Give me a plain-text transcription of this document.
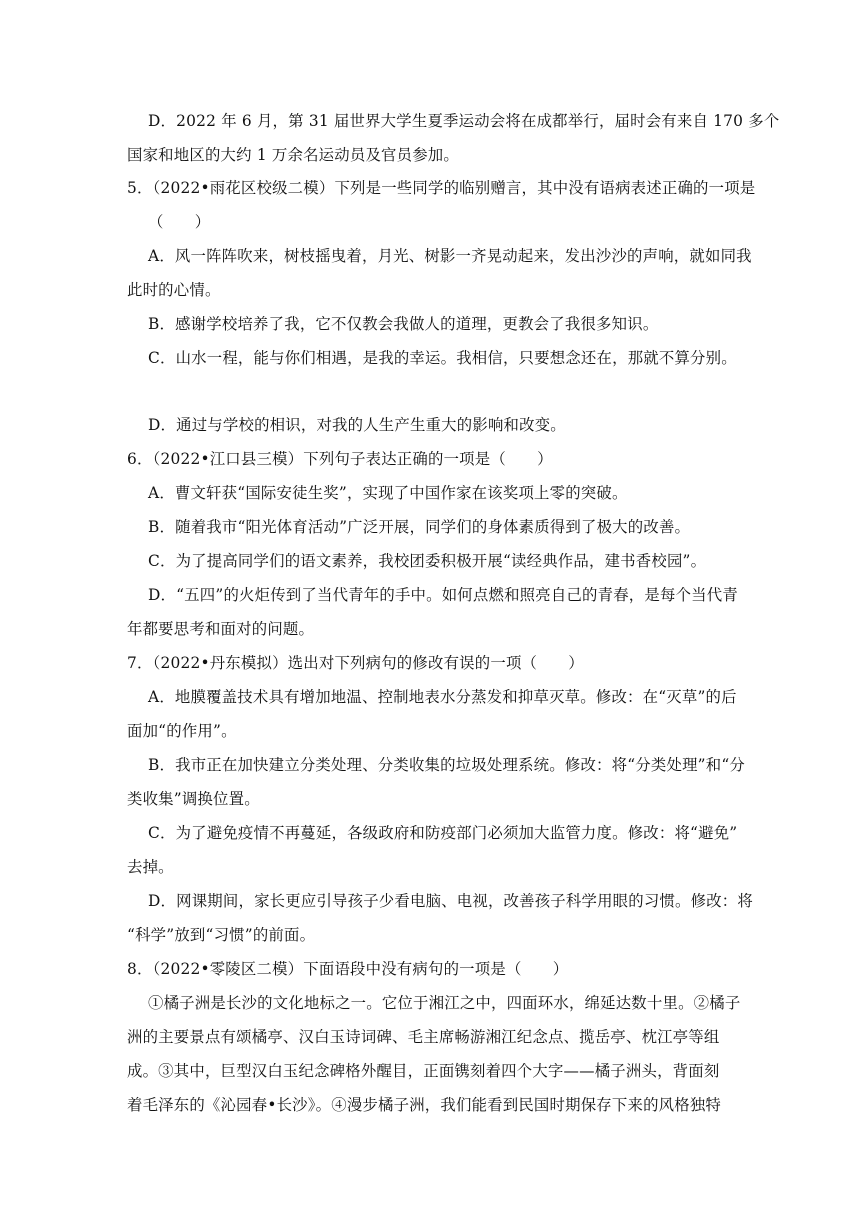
D．2022 年 6 月，第 31 届世界大学生夏季运动会将在成都举行，届时会有来自 170 多个
国家和地区的大约 1 万余名运动员及官员参加。
5．（2022•雨花区校级二模）下列是一些同学的临别赠言，其中没有语病表述正确的一项是
（　　）
A．风一阵阵吹来，树枝摇曳着，月光、树影一齐晃动起来，发出沙沙的声响，就如同我
此时的心情。
B．感谢学校培养了我，它不仅教会我做人的道理，更教会了我很多知识。
C．山水一程，能与你们相遇，是我的幸运。我相信，只要想念还在，那就不算分别。
D．通过与学校的相识，对我的人生产生重大的影响和改变。
6．（2022•江口县三模）下列句子表达正确的一项是（　　）
A．曹文轩获“国际安徒生奖”，实现了中国作家在该奖项上零的突破。
B．随着我市“阳光体育活动”广泛开展，同学们的身体素质得到了极大的改善。
C．为了提高同学们的语文素养，我校团委积极开展“读经典作品，建书香校园”。
D．“五四”的火炬传到了当代青年的手中。如何点燃和照亮自己的青春，是每个当代青
年都要思考和面对的问题。
7．（2022•丹东模拟）选出对下列病句的修改有误的一项（　　）
A．地膜覆盖技术具有增加地温、控制地表水分蒸发和抑草灭草。修改：在“灭草”的后
面加“的作用”。
B．我市正在加快建立分类处理、分类收集的垃圾处理系统。修改：将“分类处理”和“分
类收集”调换位置。
C．为了避免疫情不再蔓延，各级政府和防疫部门必须加大监管力度。修改：将“避免”
去掉。
D．网课期间，家长更应引导孩子少看电脑、电视，改善孩子科学用眼的习惯。修改：将
“科学”放到“习惯”的前面。
8．（2022•零陵区二模）下面语段中没有病句的一项是（　　）
①橘子洲是长沙的文化地标之一。它位于湘江之中，四面环水，绵延达数十里。②橘子
洲的主要景点有颂橘亭、汉白玉诗词碑、毛主席畅游湘江纪念点、揽岳亭、枕江亭等组
成。③其中，巨型汉白玉纪念碑格外醒目，正面镌刻着四个大字——橘子洲头，背面刻
着毛泽东的《沁园春•长沙》。④漫步橘子洲，我们能看到民国时期保存下来的风格独特
